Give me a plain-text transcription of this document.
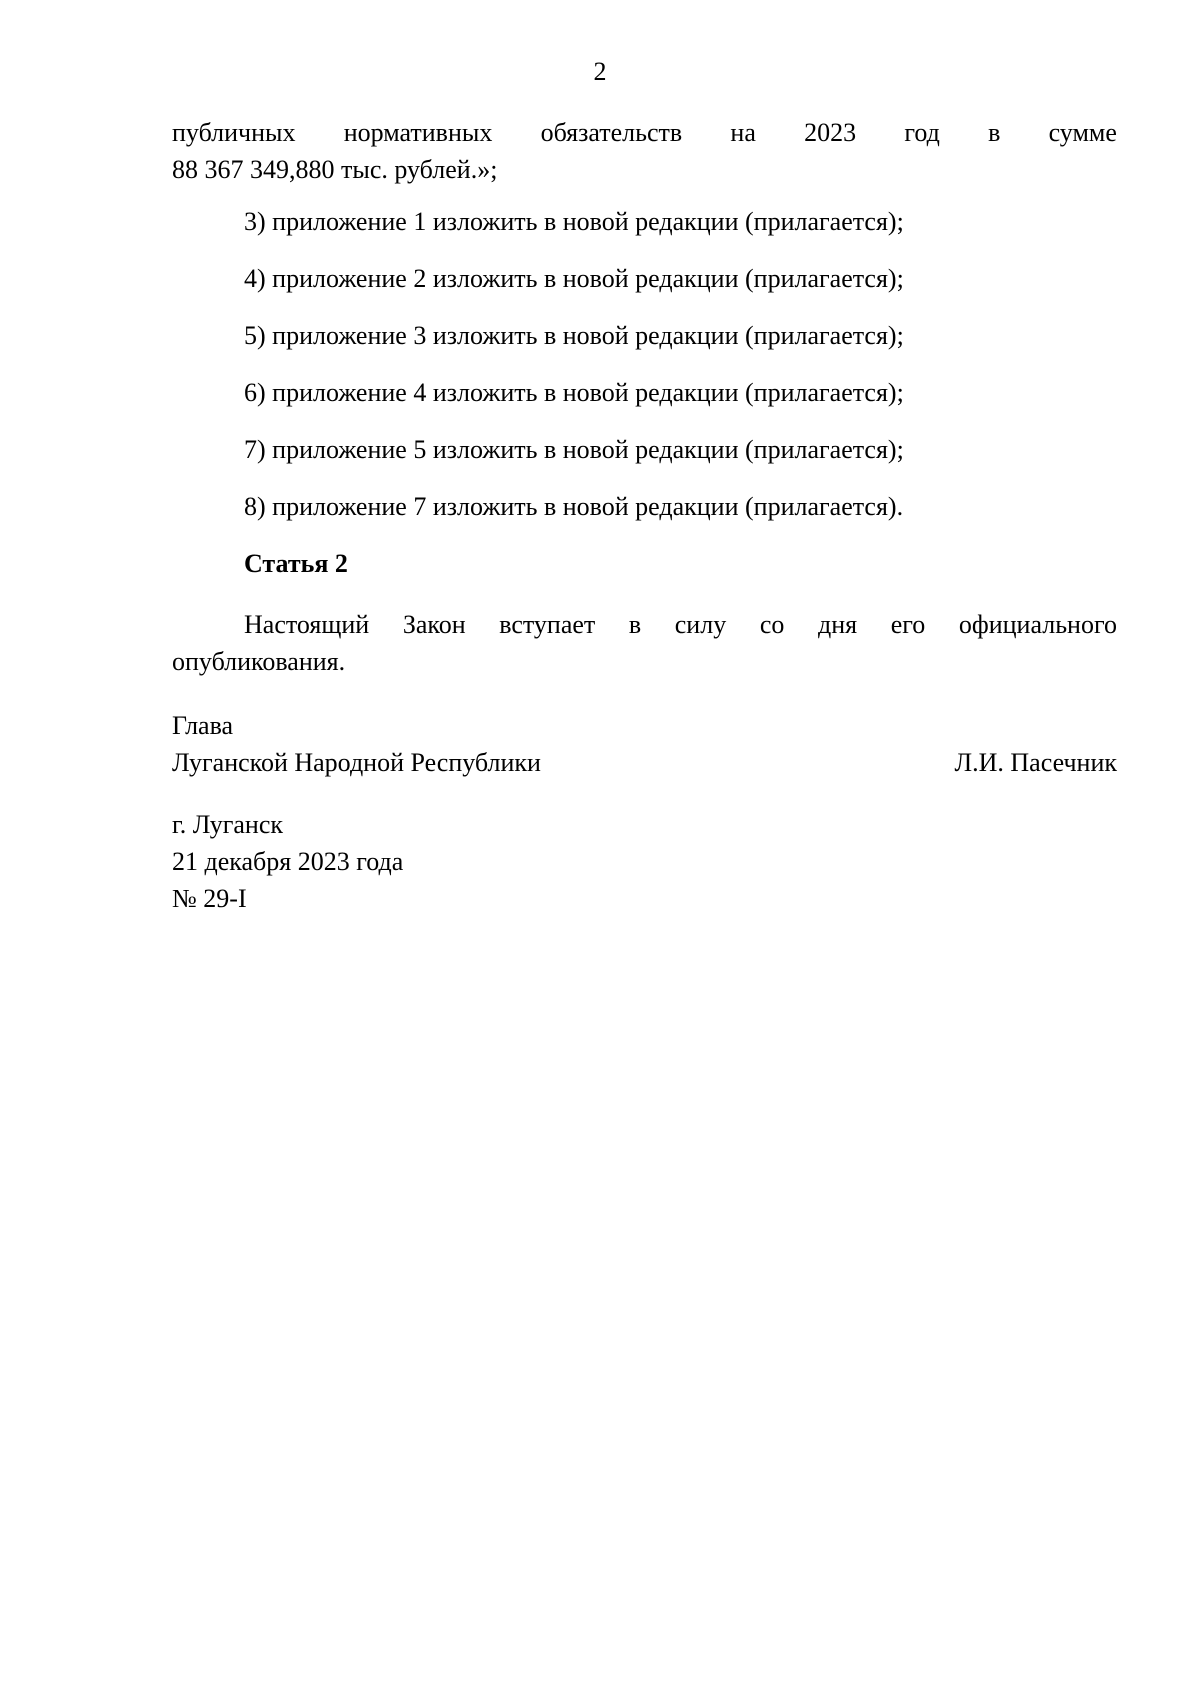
2
публичных нормативных обязательств на 2023 год в сумме
88 367 349,880 тыс. рублей.»;
3) приложение 1 изложить в новой редакции (прилагается);
4) приложение 2 изложить в новой редакции (прилагается);
5) приложение 3 изложить в новой редакции (прилагается);
6) приложение 4 изложить в новой редакции (прилагается);
7) приложение 5 изложить в новой редакции (прилагается);
8) приложение 7 изложить в новой редакции (прилагается).
Статья 2
Настоящий Закон вступает в силу со дня его официального
опубликования.
Глава
Луганской Народной Республики	Л.И. Пасечник
г. Луганск
21 декабря 2023 года
№ 29-I
